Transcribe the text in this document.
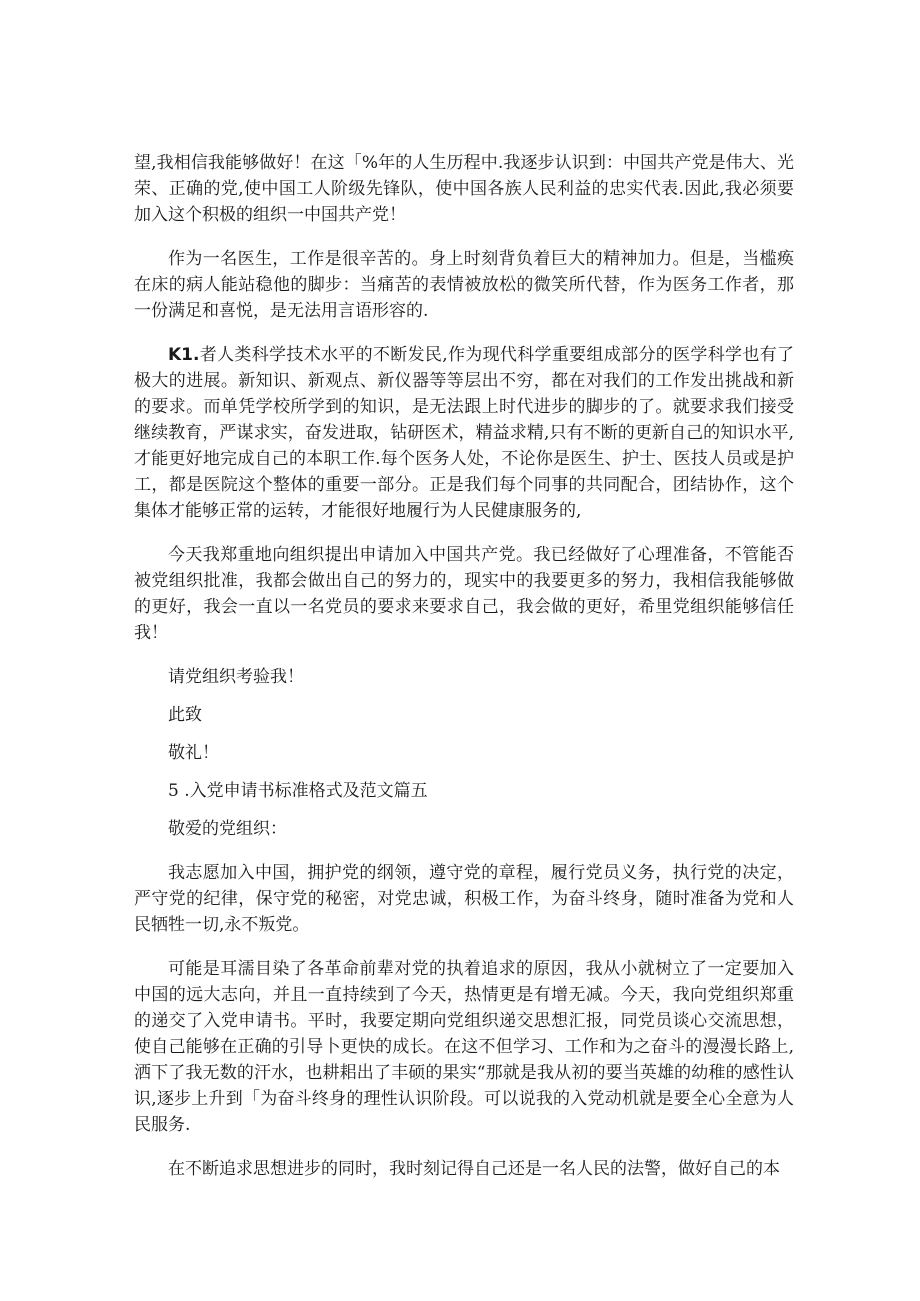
望,我相信我能够做好！在这「%年的人生历程中.我逐步认识到：中国共产党是伟大、光荣、正确的党,使中国工人阶级先锋队，使中国各族人民利益的忠实代表.因此,我必须要加入这个积极的组织一中国共产党！

作为一名医生，工作是很辛苦的。身上时刻背负着巨大的精神加力。但是，当槛痪在床的病人能站稳他的脚步：当痛苦的表情被放松的微笑所代替，作为医务工作者，那一份满足和喜悦，是无法用言语形容的.

K1.者人类科学技术水平的不断发民,作为现代科学重要组成部分的医学科学也有了极大的进展。新知识、新观点、新仪器等等层出不穷，都在对我们的工作发出挑战和新的要求。而单凭学校所学到的知识，是无法跟上时代进步的脚步的了。就要求我们接受继续教育，严谋求实，奋发进取，钻研医术，精益求精,只有不断的更新自己的知识水平,才能更好地完成自己的本职工作.每个医务人处，不论你是医生、护士、医技人员或是护工，都是医院这个整体的重要一部分。正是我们每个同事的共同配合，团结协作，这个集体才能够正常的运转，才能很好地履行为人民健康服务的,

今天我郑重地向组织提出申请加入中国共产党。我已经做好了心理准备，不管能否被党组织批准，我都会做出自己的努力的，现实中的我要更多的努力，我相信我能够做的更好，我会一直以一名党员的要求来要求自己，我会做的更好，希里党组织能够信任我！

请党组织考验我！

此致

敬礼！

5 .入党申请书标准格式及范文篇五

敬爱的党组织：

我志愿加入中国，拥护党的纲领，遵守党的章程，履行党员义务，执行党的决定，严守党的纪律，保守党的秘密，对党忠诚，积极工作，为奋斗终身，随时准备为党和人民牺牲一切,永不叛党。

可能是耳濡目染了各革命前辈对党的执着追求的原因，我从小就树立了一定要加入中国的远大志向，并且一直持续到了今天，热情更是有增无减。今天，我向党组织郑重的递交了入党申请书。平时，我要定期向党组织递交思想汇报，同党员谈心交流思想，使自己能够在正确的引导卜更快的成长。在这不但学习、工作和为之奋斗的漫漫长路上,洒下了我无数的汗水，也耕耜出了丰硕的果实“那就是我从初的要当英雄的幼稚的感性认识,逐步上升到「为奋斗终身的理性认识阶段。可以说我的入党动机就是要全心全意为人民服务.

在不断追求思想进步的同时，我时刻记得自己还是一名人民的法警，做好自己的本
